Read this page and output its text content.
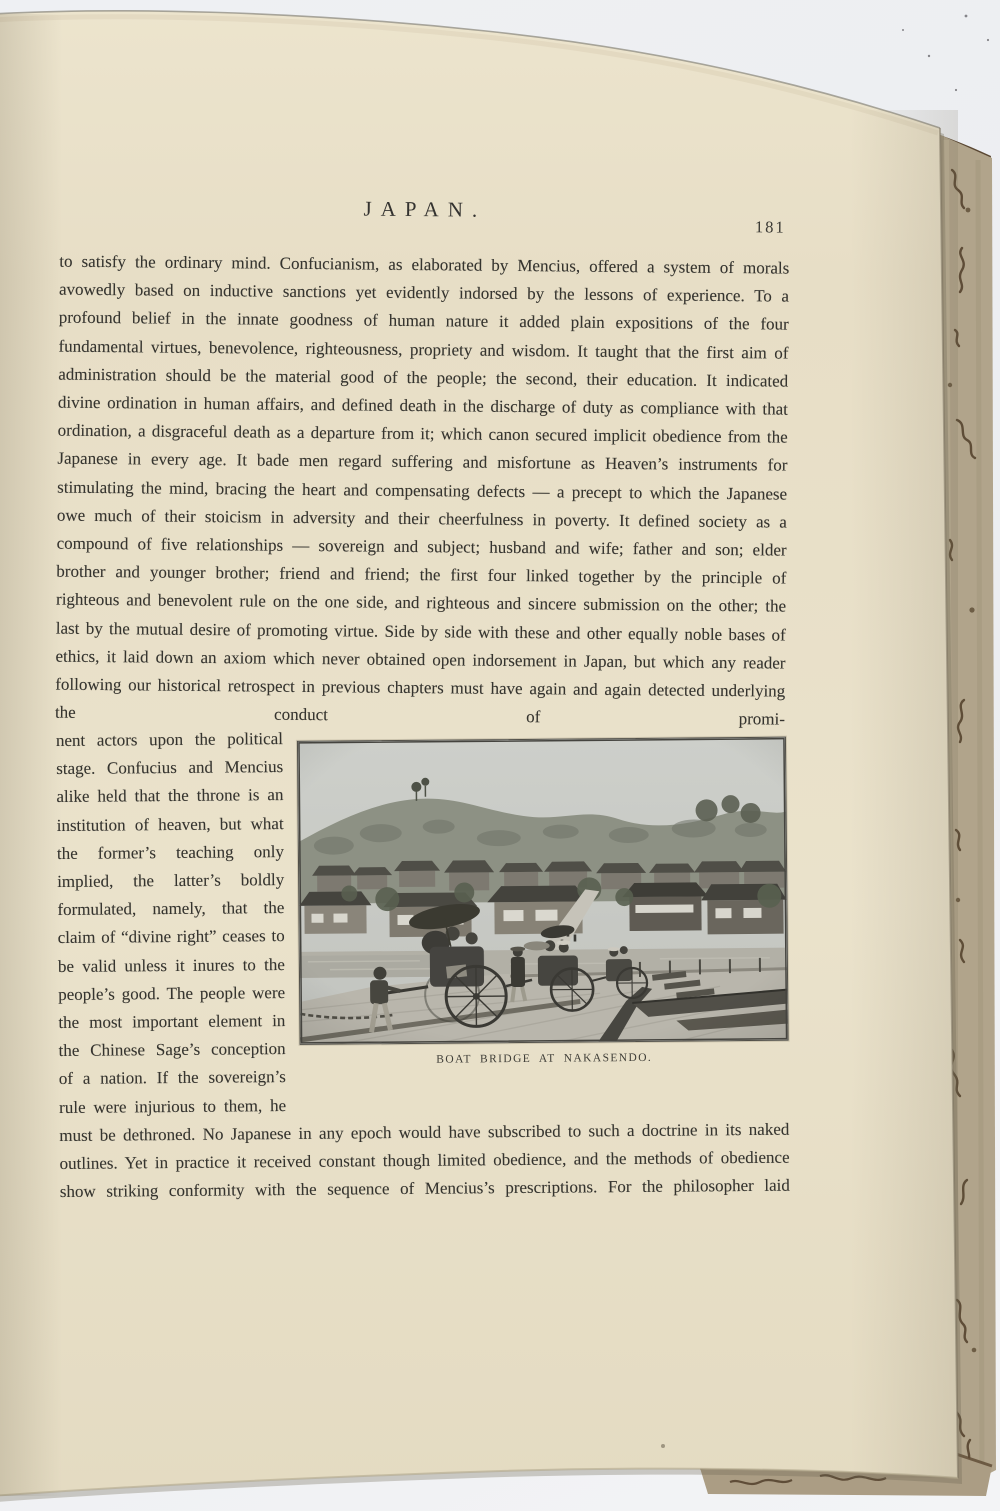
JAPAN.
181

to satisfy the ordinary mind. Confucianism, as elaborated by Mencius, offered a system of morals avowedly based on inductive sanctions yet evidently indorsed by the lessons of experience. To a profound belief in the innate goodness of human nature it added plain expositions of the four fundamental virtues, benevolence, righteousness, propriety and wisdom. It taught that the first aim of administration should be the material good of the people; the second, their education. It indicated divine ordination in human affairs, and defined death in the discharge of duty as compliance with that ordination, a disgraceful death as a departure from it; which canon secured implicit obedience from the Japanese in every age. It bade men regard suffering and misfortune as Heaven’s instruments for stimulating the mind, bracing the heart and compensating defects — a precept to which the Japanese owe much of their stoicism in adversity and their cheerfulness in poverty. It defined society as a compound of five relationships — sovereign and subject; husband and wife; father and son; elder brother and younger brother; friend and friend; the first four linked together by the principle of righteous and benevolent rule on the one side, and righteous and sincere submission on the other; the last by the mutual desire of promoting virtue. Side by side with these and other equally noble bases of ethics, it laid down an axiom which never obtained open indorsement in Japan, but which any reader following our historical retrospect in previous chapters must have again and again detected underlying the conduct of promi-

BOAT BRIDGE AT NAKASENDO.

nent actors upon the political stage. Confucius and Mencius alike held that the throne is an institution of heaven, but what the former’s teaching only implied, the latter’s boldly formulated, namely, that the claim of “divine right” ceases to be valid unless it inures to the people’s good. The people were the most important element in the Chinese Sage’s conception of a nation. If the sovereign’s rule were injurious to them, he must be dethroned. No Japanese in any epoch would have subscribed to such a doctrine in its naked outlines. Yet in practice it received constant though limited obedience, and the methods of obedience show striking conformity with the sequence of Mencius’s prescriptions. For the philosopher laid
